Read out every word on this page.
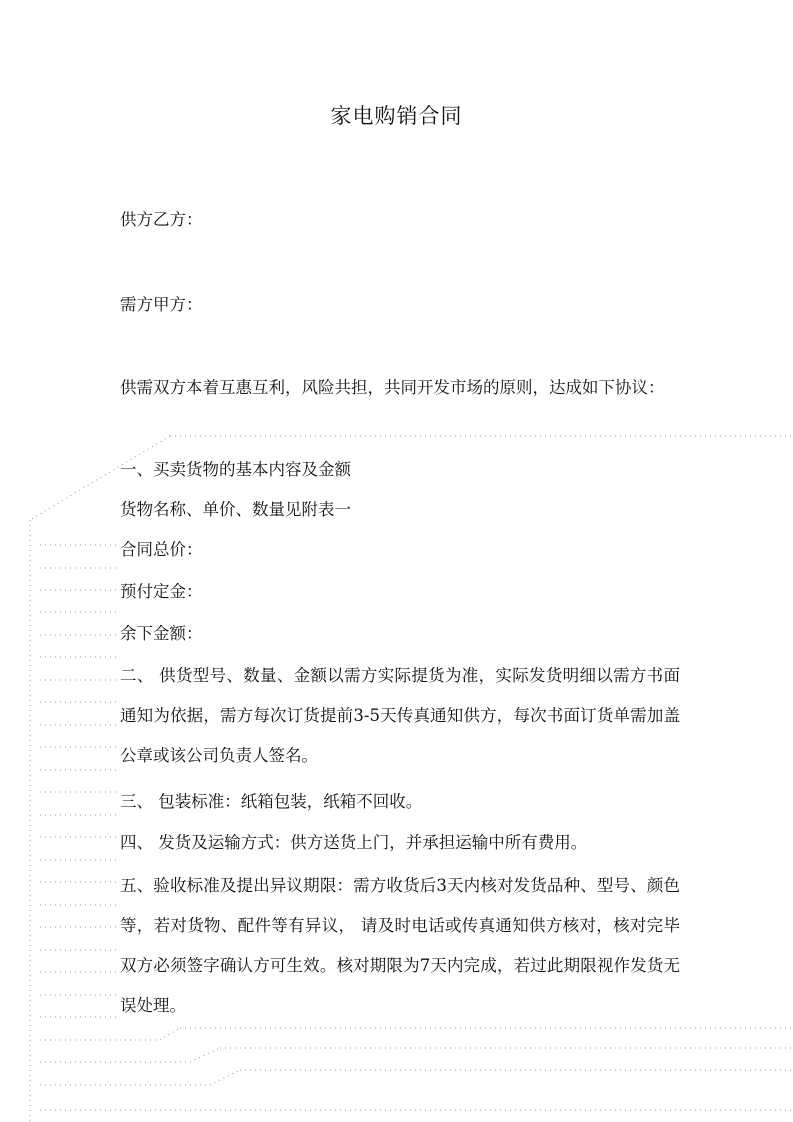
家电购销合同

供方乙方：

需方甲方：

供需双方本着互惠互利，风险共担，共同开发市场的原则，达成如下协议：

一、买卖货物的基本内容及金额

货物名称、单价、数量见附表一

合同总价：

预付定金：

余下金额：

二、 供货型号、数量、金额以需方实际提货为准，实际发货明细以需方书面通知为依据，需方每次订货提前3-5天传真通知供方，每次书面订货单需加盖公章或该公司负责人签名。

三、 包装标准：纸箱包装，纸箱不回收。

四、 发货及运输方式：供方送货上门，并承担运输中所有费用。

五、验收标准及提出异议期限：需方收货后3天内核对发货品种、型号、颜色等，若对货物、配件等有异议， 请及时电话或传真通知供方核对，核对完毕双方必须签字确认方可生效。核对期限为7天内完成，若过此期限视作发货无误处理。
